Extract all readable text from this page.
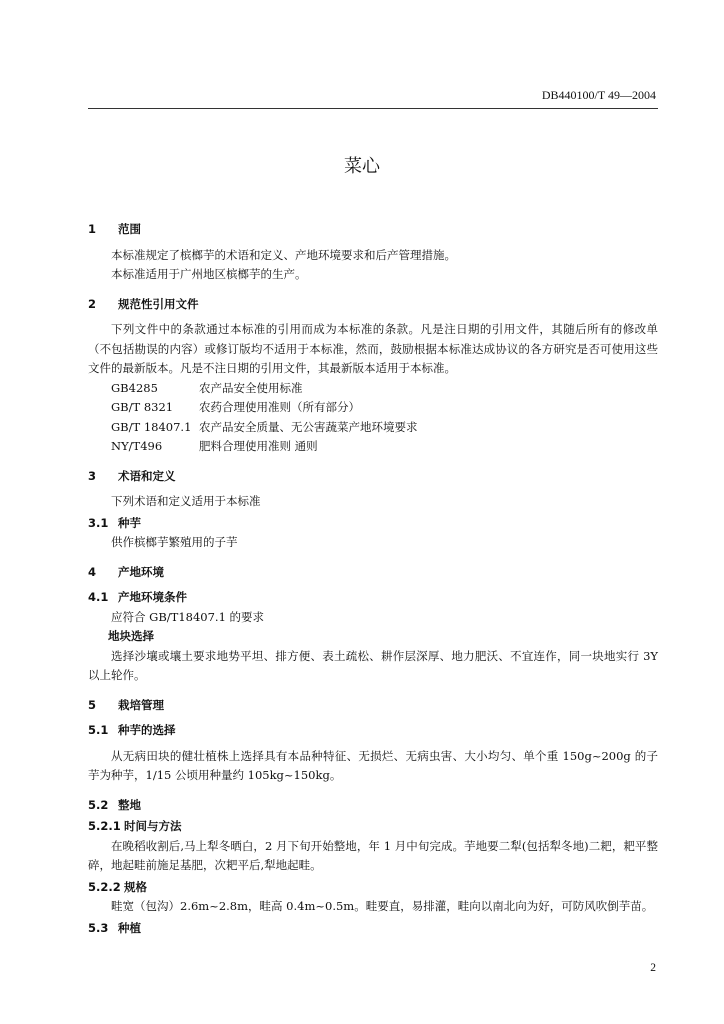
DB440100/T 49—2004
菜心
1 范围

本标准规定了槟榔芋的术语和定义、产地环境要求和后产管理措施。

本标准适用于广州地区槟榔芋的生产。

2 规范性引用文件

下列文件中的条款通过本标准的引用而成为本标准的条款。凡是注日期的引用文件，其随后所有的修改单（不包括勘误的内容）或修订版均不适用于本标准，然而，鼓励根据本标准达成协议的各方研究是否可使用这些文件的最新版本。凡是不注日期的引用文件，其最新版本适用于本标准。

GB4285	农产品安全使用标准

GB/T 8321 农药合理使用准则（所有部分）

GB/T 18407.1 农产品安全质量、无公害蔬菜产地环境要求

NY/T496	肥料合理使用准则 通则

3 术语和定义

下列术语和定义适用于本标准

3.1 种芋

供作槟榔芋繁殖用的子芋

4 产地环境
4.1 产地环境条件

应符合 GB/T18407.1 的要求

地块选择

选择沙壤或壤土要求地势平坦、排方便、表土疏松、耕作层深厚、地力肥沃、不宜连作，同一块地实行 3Y 以上轮作。

5 栽培管理
5.1 种芋的选择

从无病田块的健壮植株上选择具有本品种特征、无损烂、无病虫害、大小均匀、单个重 150g~200g 的子芋为种芋，1/15 公顷用种量约 105kg~150kg。

5.2 整地
5.2.1 时间与方法

在晚稻收割后,马上犁冬晒白，2 月下旬开始整地，年 1 月中旬完成。芋地要二犁(包括犁冬地)二耙，耙平整碎，地起畦前施足基肥，次耙平后,犁地起畦。

5.2.2 规格

畦宽（包沟）2.6m~2.8m，畦高 0.4m~0.5m。畦要直，易排灌，畦向以南北向为好，可防风吹倒芋苗。

5.3 种植
2
